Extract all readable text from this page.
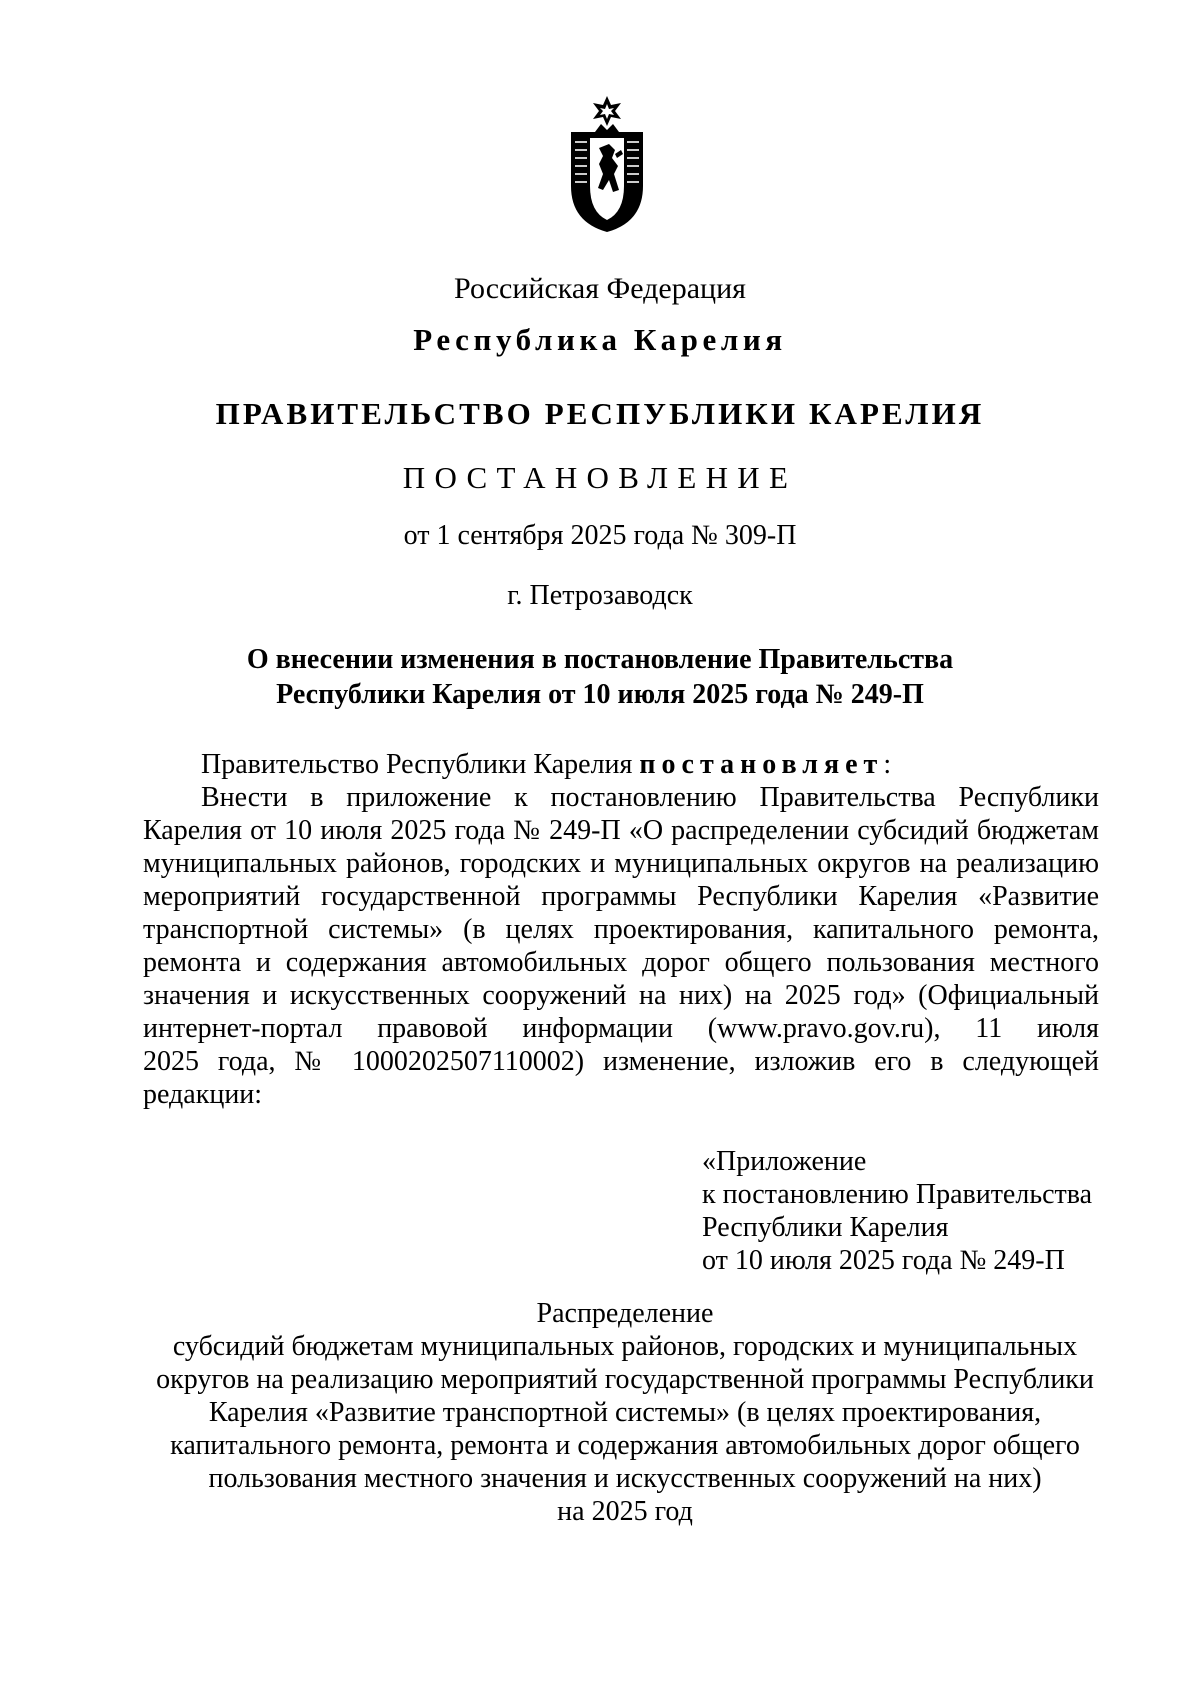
Российская Федерация
Республика Карелия
ПРАВИТЕЛЬСТВО РЕСПУБЛИКИ КАРЕЛИЯ
ПОСТАНОВЛЕНИЕ
от 1 сентября 2025 года № 309-П
г. Петрозаводск
О внесении изменения в постановление Правительства
Республики Карелия от 10 июля 2025 года № 249-П
Правительство Республики Карелия постановляет:
Внести в приложение к постановлению Правительства Республики
Карелия от 10 июля 2025 года № 249-П «О распределении субсидий бюджетам
муниципальных районов, городских и муниципальных округов на реализацию
мероприятий государственной программы Республики Карелия «Развитие
транспортной системы» (в целях проектирования, капитального ремонта,
ремонта и содержания автомобильных дорог общего пользования местного
значения и искусственных сооружений на них) на 2025 год» (Официальный
интернет-портал правовой информации (www.pravo.gov.ru), 11 июля
2025 года, № 1000202507110002) изменение, изложив его в следующей
редакции:
«Приложение
к постановлению Правительства
Республики Карелия
от 10 июля 2025 года № 249-П
Распределение
субсидий бюджетам муниципальных районов, городских и муниципальных
округов на реализацию мероприятий государственной программы Республики
Карелия «Развитие транспортной системы» (в целях проектирования,
капитального ремонта, ремонта и содержания автомобильных дорог общего
пользования местного значения и искусственных сооружений на них)
на 2025 год
